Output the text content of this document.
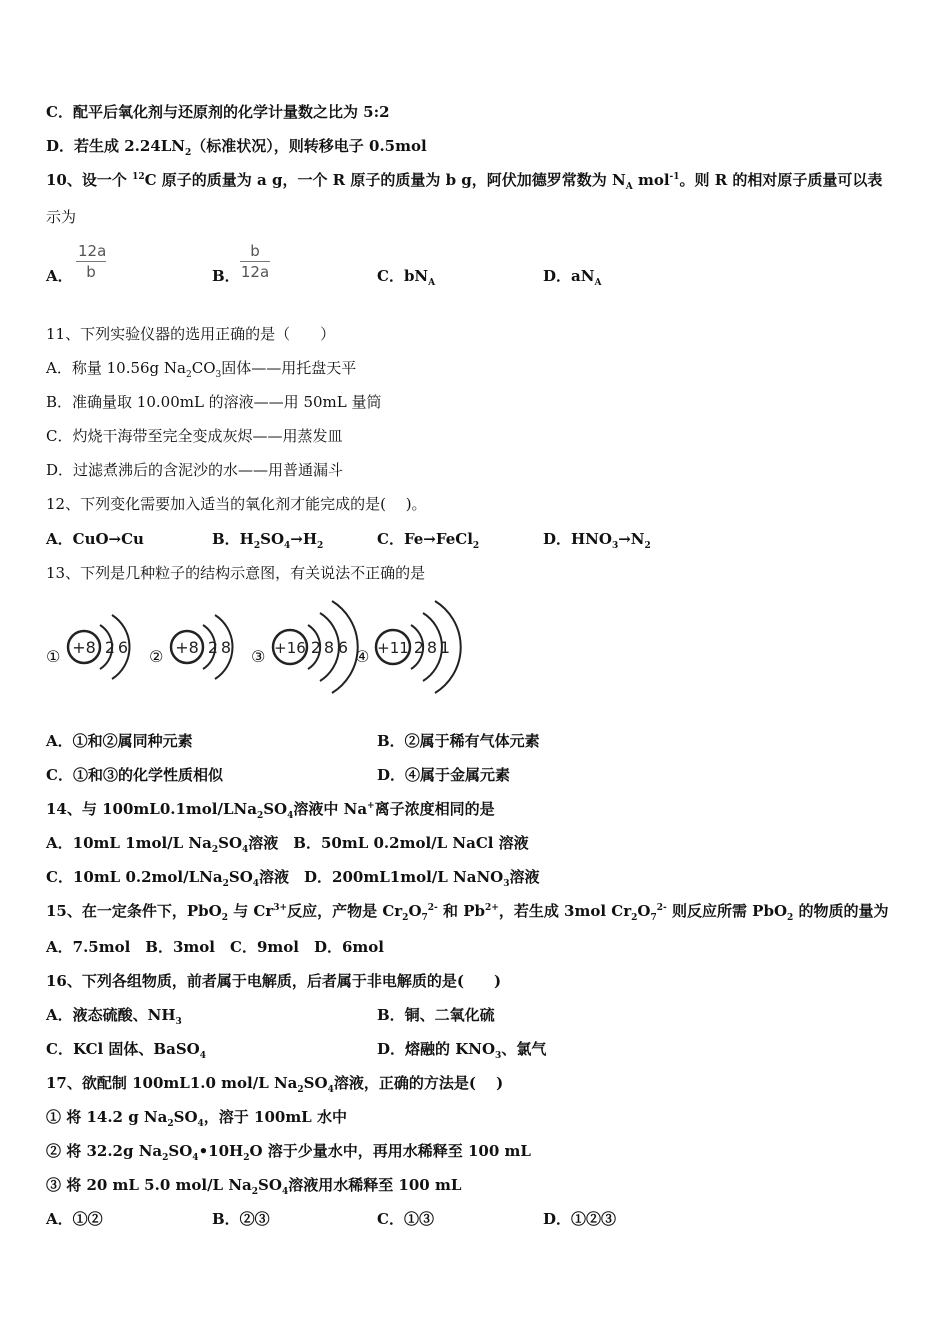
C．配平后氧化剂与还原剂的化学计量数之比为 5:2
D．若生成 $2.24LN_2$（标准状况），则转移电子 0.5mol
10、设一个 $^{12}$C 原子的质量为 a g，一个 R 原子的质量为 b g，阿伏加德罗常数为 $N_A$ mol$^{-1}$。则 R 的相对原子质量可以表
示为
A． $\frac{12a}{b}$	B． $\frac{b}{12a}$	C．$bN_A$	D．$aN_A$
11、下列实验仪器的选用正确的是（　　）
A．称量 10.56g $Na_2CO_3$固体——用托盘天平
B．准确量取 10.00mL 的溶液——用 50mL 量筒
C．灼烧干海带至完全变成灰烬——用蒸发皿
D．过滤煮沸后的含泥沙的水——用普通漏斗
12、下列变化需要加入适当的氧化剂才能完成的是(　 )。
A．CuO→Cu	B．$H_2SO_4\to H_2$	C．Fe→FeCl$_2$	D．$HNO_3\to N_2$
13、下列是几种粒子的结构示意图，有关说法不正确的是
① +8 2 6 ② +8 2 8 ③ +16 2 8 6 ④ +11 2 8 1
A．①和②属同种元素	B．②属于稀有气体元素
C．①和③的化学性质相似	D．④属于金属元素
14、与 $100mL0.1mol/LNa_2SO_4$溶液中 Na+离子浓度相同的是
A．10mL 1mol/L $Na_2SO_4$溶液　B．50mL 0.2mol/L NaCl 溶液
C．10mL $0.2mol/LNa_2SO_4$溶液　D．200mL1mol/L NaNO$_3$溶液
15、在一定条件下，PbO$_2$ 与 $Cr^{3+}$反应，产物是 $Cr_2O_7^{2-}$ 和 $Pb^{2+}$，若生成 3mol $Cr_2O_7^{2-}$ 则反应所需 PbO$_2$ 的物质的量为
A．7.5mol　B．3mol　C．9mol　D．6mol
16、下列各组物质，前者属于电解质，后者属于非电解质的是(　　)
A．液态硫酸、$NH_3$	B．铜、二氧化硫
C．KCl 固体、BaSO$_4$	D．熔融的 $KNO_3$、氯气
17、欲配制 100mL1.0 mol/L $Na_2SO_4$溶液，正确的方法是(　 )
① 将 14.2 g $Na_2SO_4$，溶于 100mL 水中
② 将 32.2g $Na_2SO_4•10H_2O$ 溶于少量水中，再用水稀释至 100 mL
③ 将 20 mL 5.0 mol/L $Na_2SO_4$溶液用水稀释至 100 mL
A．①②	B．②③	C．①③	D．①②③
